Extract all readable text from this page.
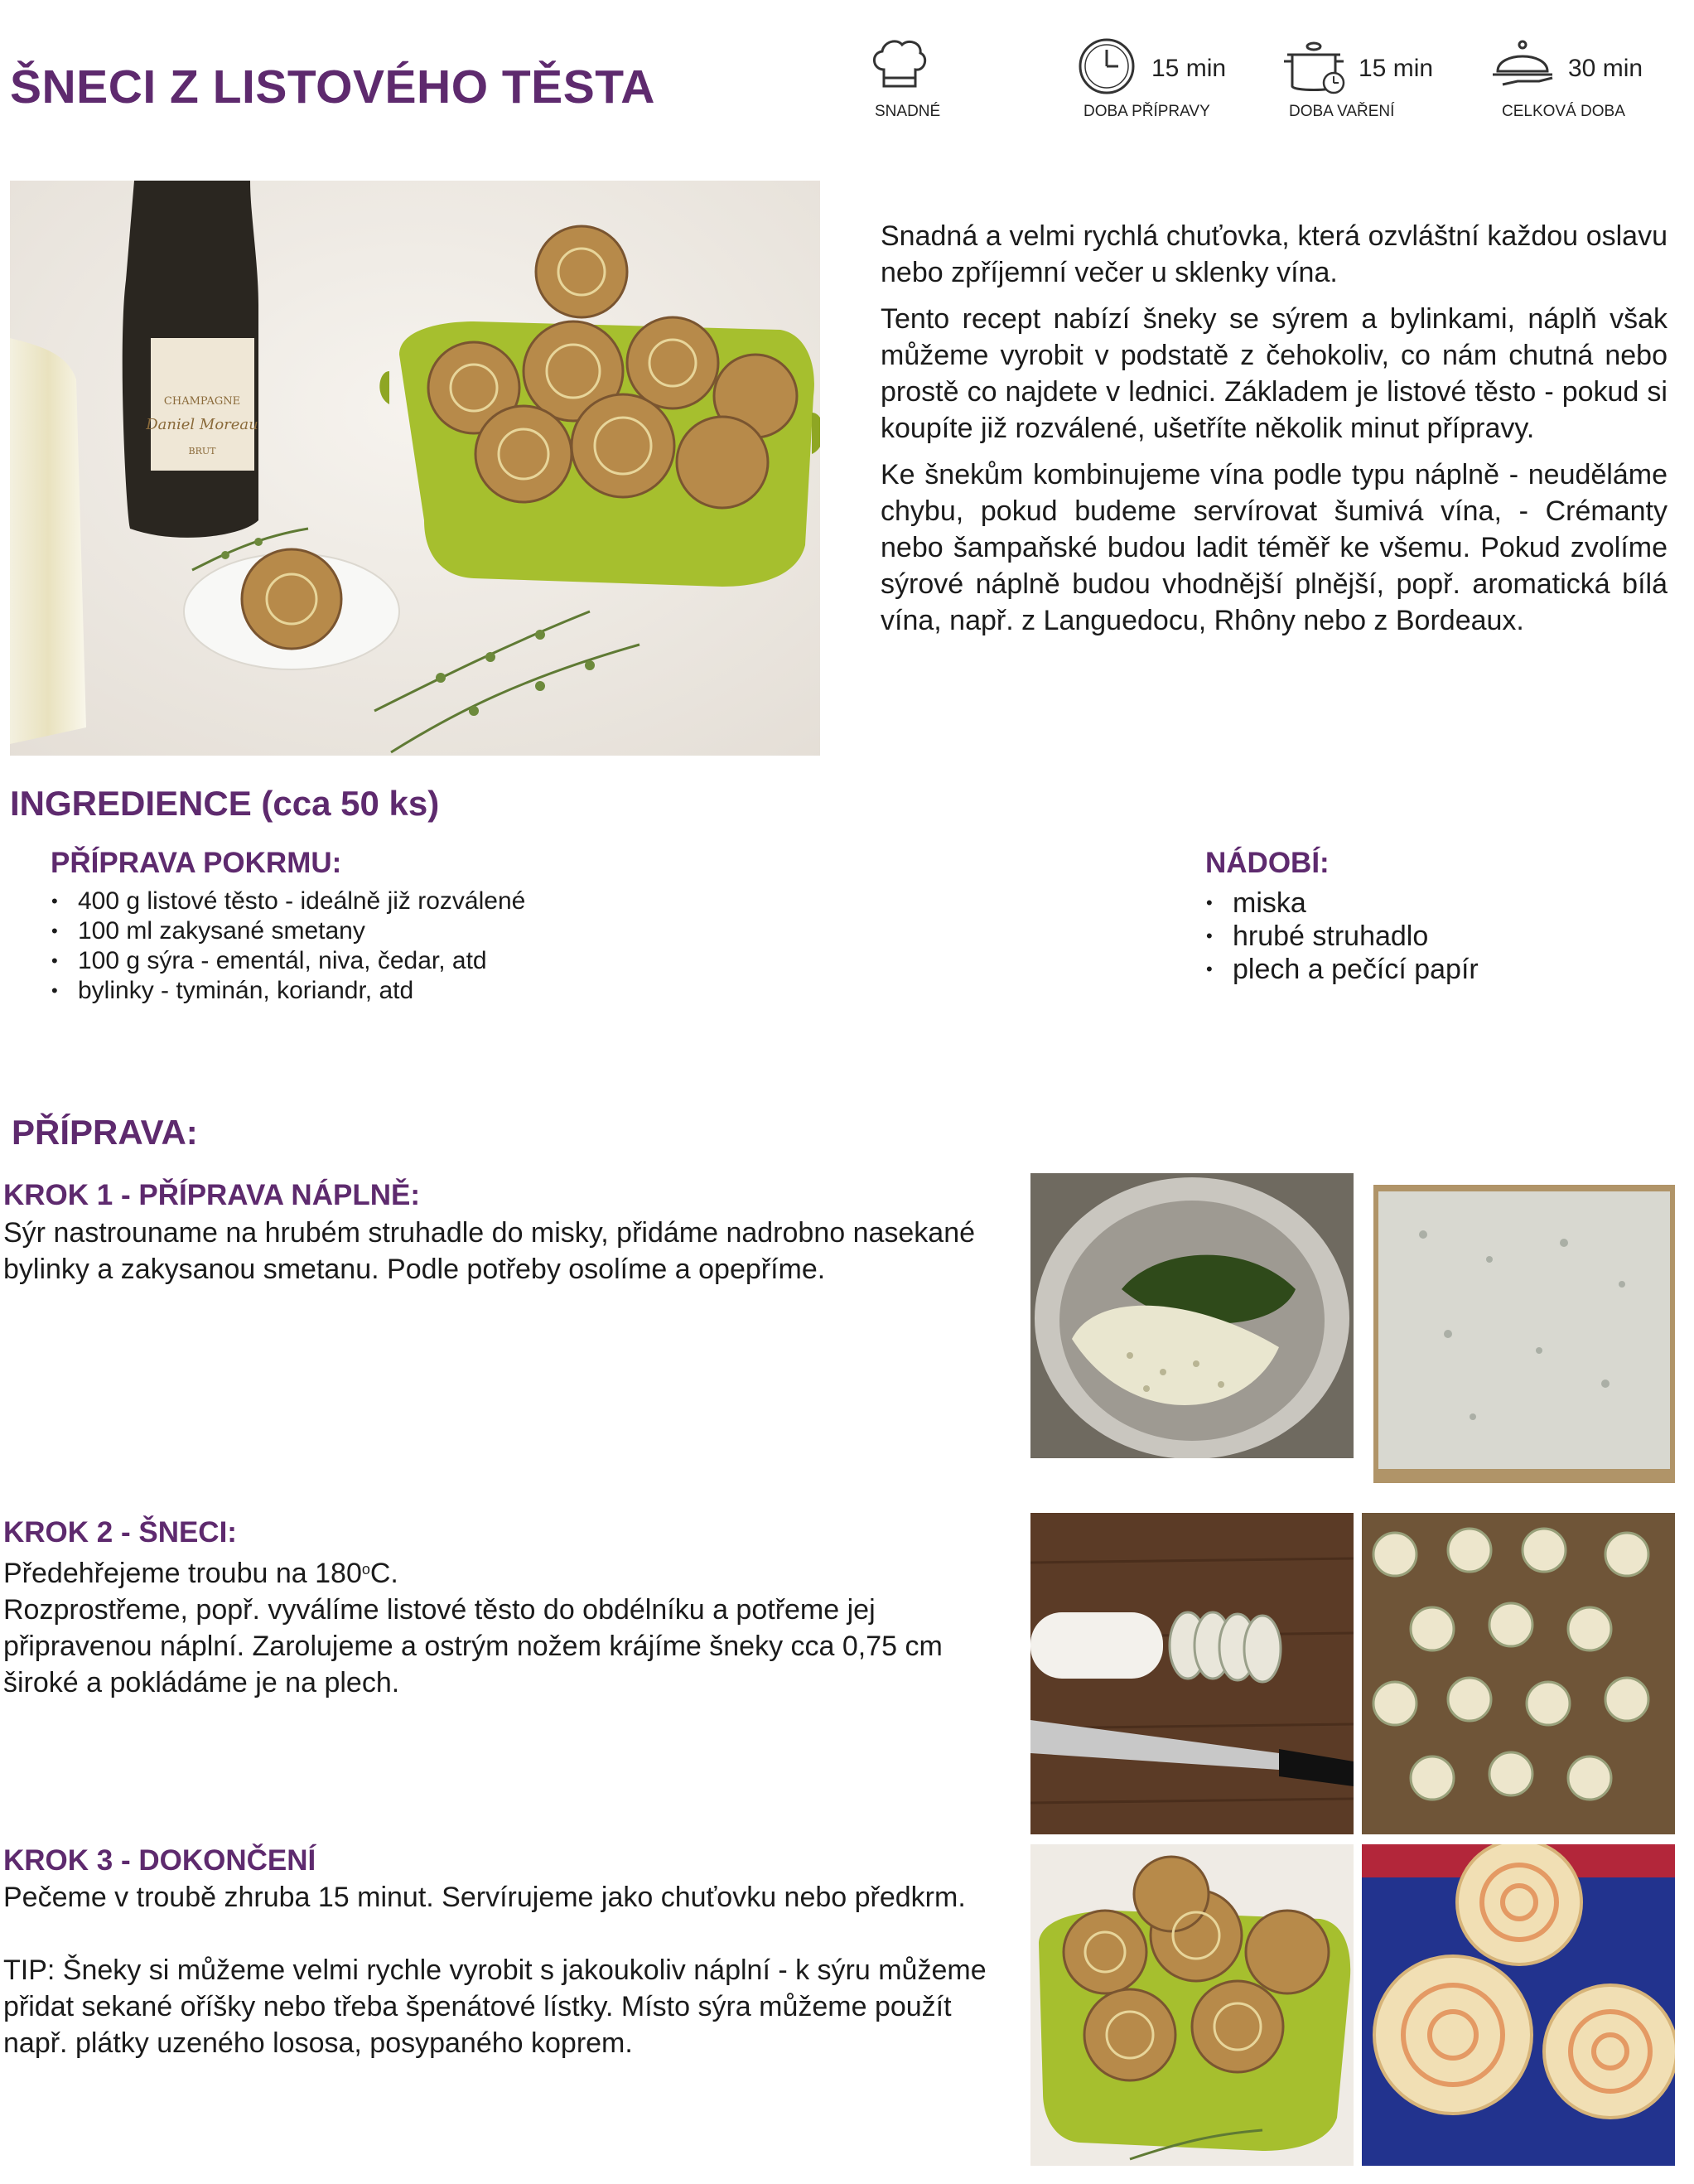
ŠNECI Z LISTOVÉHO TĚSTA	SNADNÉ
15 min
DOBA PŘÍPRAVY
15 min
DOBA VAŘENÍ
30 min
CELKOVÁ DOBA
CHAMPAGNE
Daniel Moreau
BRUT

Snadná a velmi rychlá chuťovka, která ozvláštní každou oslavu nebo zpříjemní večer u sklenky vína.

Tento recept nabízí šneky se sýrem a bylinkami, náplň však můžeme vyrobit v podstatě z čehokoliv, co nám chutná nebo prostě co najdete v lednici. Základem je listové těsto - pokud si koupíte již rozválené, ušetříte několik minut přípravy.

Ke šnekům kombinujeme vína podle typu náplně - neuděláme chybu, pokud budeme servírovat šumivá vína, - Crémanty nebo šampaňské budou ladit téměř ke všemu. Pokud zvolíme sýrové náplně budou vhodnější plnější, popř. aromatická bílá vína, např. z Languedocu, Rhôny nebo z Bordeaux.

INGREDIENCE (cca 50 ks)
PŘÍPRAVA POKRMU:
• 400 g listové těsto - ideálně již rozválené
• 100 ml zakysané smetany
• 100 g sýra - ementál, niva, čedar, atd
• bylinky - tyminán, koriandr, atd
NÁDOBÍ:
• miska
• hrubé struhadlo
• plech a pečící papír
PŘÍPRAVA:
KROK 1 - PŘÍPRAVA NÁPLNĚ:

Sýr nastrouname na hrubém struhadle do misky, přidáme nadrobno nasekané bylinky a zakysanou smetanu. Podle potřeby osolíme a opepříme.

KROK 2 - ŠNECI:

Předehřejeme troubu na 180$^o$C.

Rozprostřeme, popř. vyválíme listové těsto do obdélníku a potřeme jej připravenou náplní. Zarolujeme a ostrým nožem krájíme šneky cca 0,75 cm široké a pokládáme je na plech.

KROK 3 - DOKONČENÍ

Pečeme v troubě zhruba 15 minut. Servírujeme jako chuťovku nebo předkrm.

TIP: Šneky si můžeme velmi rychle vyrobit s jakoukoliv náplní - k sýru můžeme přidat sekané oříšky nebo třeba špenátové lístky. Místo sýra můžeme použít např. plátky uzeného lososa, posypaného koprem.
